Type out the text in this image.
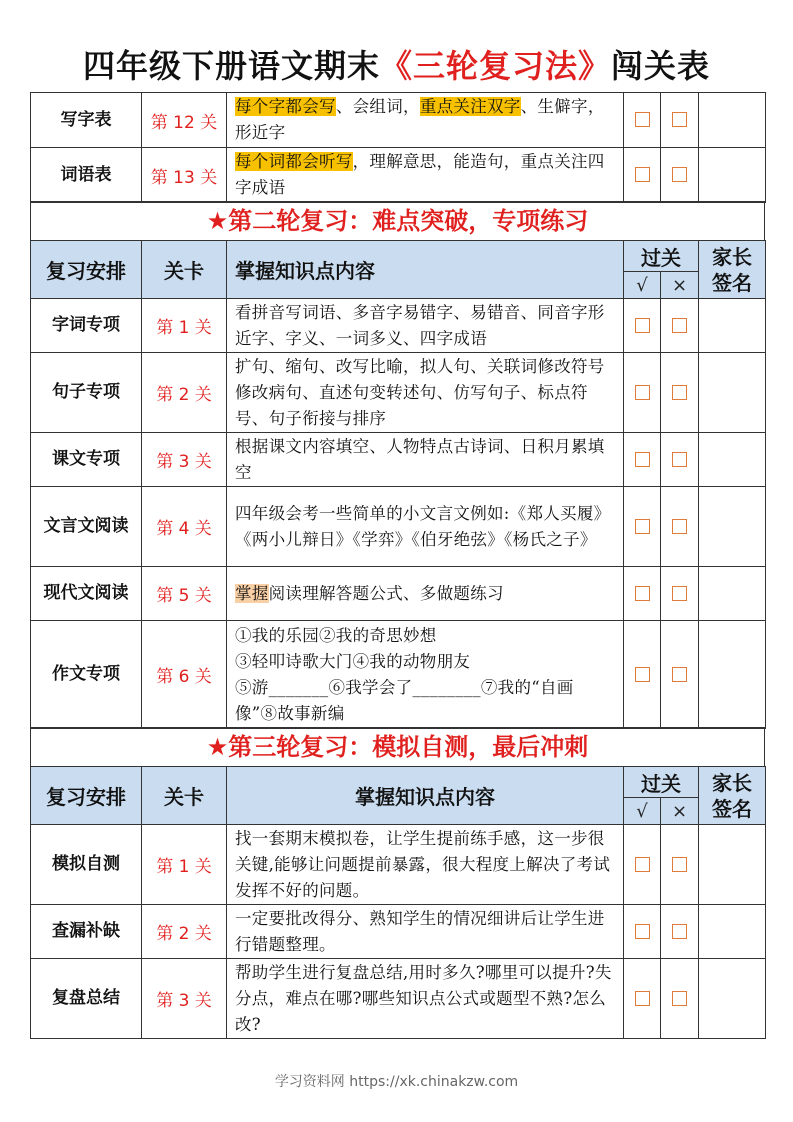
四年级下册语文期末《三轮复习法》闯关表
写字表	第 12 关	每个字都会写、会组词，重点关注双字、生僻字，形近字			
词语表	第 13 关	每个词都会听写，理解意思，能造句，重点关注四字成语			
★第二轮复习：难点突破，专项练习
复习安排	关卡	掌握知识点内容	过关		家长签名

			√	×	
字词专项	第 1 关	看拼音写词语、多音字易错字、易错音、同音字形近字、字义、一词多义、四字成语			
句子专项	第 2 关	扩句、缩句、改写比喻，拟人句、关联词修改符号修改病句、直述句变转述句、仿写句子、标点符号、句子衔接与排序			
课文专项	第 3 关	根据课文内容填空、人物特点古诗词、日积月累填空			
文言文阅读	第 4 关	四年级会考一些简单的小文言文例如:《郑人买履》《两小儿辩日》《学弈》《伯牙绝弦》《杨氏之子》			
现代文阅读	第 5 关	掌握阅读理解答题公式、多做题练习			
作文专项	第 6 关	①我的乐园②我的奇思妙想
③轻叩诗歌大门④我的动物朋友
⑤游_______⑥我学会了________⑦我的“自画像”⑧故事新编			

★第三轮复习：模拟自测，最后冲刺
复习安排	关卡	掌握知识点内容	过关		家长签名

			√	×	
模拟自测	第 1 关	找一套期末模拟卷，让学生提前练手感，这一步很关键,能够让问题提前暴露，很大程度上解决了考试发挥不好的问题。			
查漏补缺	第 2 关	一定要批改得分、熟知学生的情况细讲后让学生进行错题整理。			
复盘总结	第 3 关	帮助学生进行复盘总结,用时多久?哪里可以提升?失分点，难点在哪?哪些知识点公式或题型不熟?怎么改?			
学习资料网 https://xk.chinakzw.com
